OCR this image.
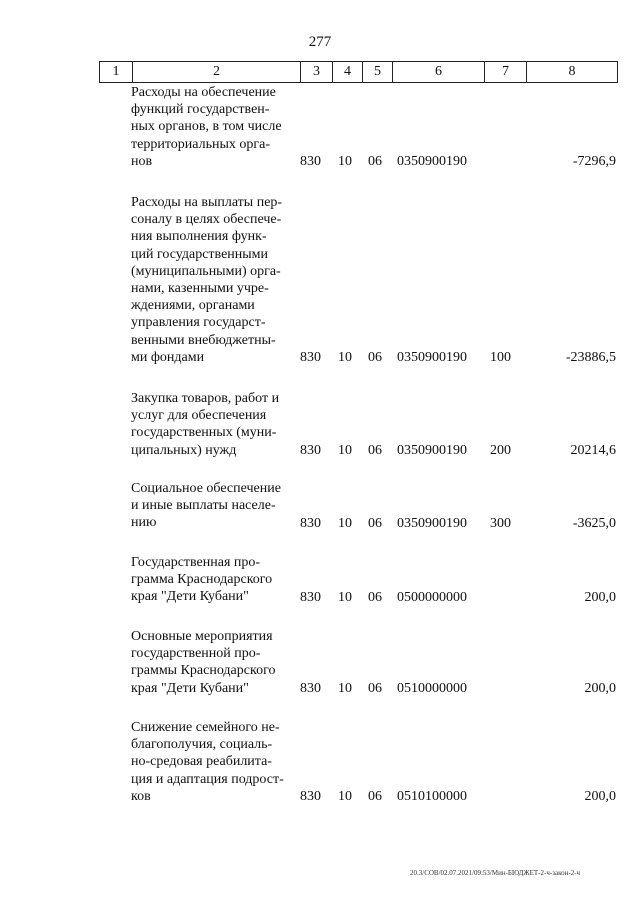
277
1	2	3	4	5	6	7	8
Расходы на обеспечение
функций государствен-
ных органов, в том числе
территориальных орга-
нов	830 10 06 0350900190	-7296,9
Расходы на выплаты пер-
соналу в целях обеспече-
ния выполнения функ-
ций государственными
(муниципальными) орга-
нами, казенными учре-
ждениями, органами
управления государст-
венными внебюджетны-
ми фондами	830 10 06 0350900190 100	-23886,5
Закупка товаров, работ и
услуг для обеспечения
государственных (муни-
ципальных) нужд	830 10 06 0350900190 200	20214,6
Социальное обеспечение
и иные выплаты населе-
нию	830 10 06 0350900190 300	-3625,0
Государственная про-
грамма Краснодарского
края "Дети Кубани"	830 10 06 0500000000	200,0
Основные мероприятия
государственной про-
граммы Краснодарского
края "Дети Кубани"	830 10 06 0510000000	200,0
Снижение семейного не-
благополучия, социаль-
но-средовая реабилита-
ция и адаптация подрост-
ков	830 10 06 0510100000	200,0
20.3/СОВ/02.07.2021/09:53/Мин-БЮДЖЕТ-2-ч-закон-2-ч
